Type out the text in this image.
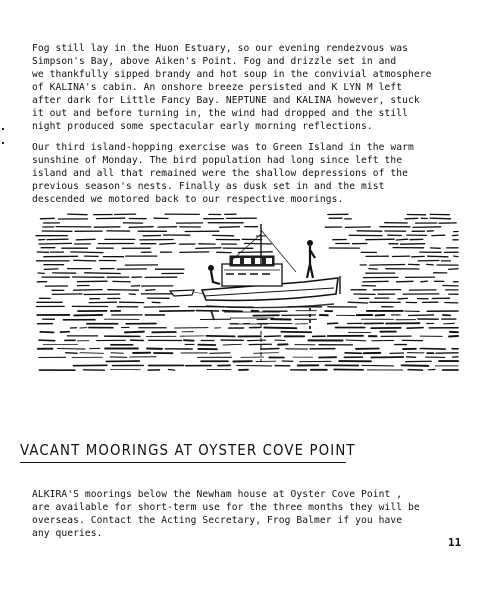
Fog still lay in the Huon Estuary, so our evening rendezvous was
Simpson's Bay, above Aiken's Point. Fog and drizzle set in and
we thankfully sipped brandy and hot soup in the convivial atmosphere
of KALINA's cabin. An onshore breeze persisted and K LYN M left
after dark for Little Fancy Bay. NEPTUNE and KALINA however, stuck
it out and before turning in, the wind had dropped and the still
night produced some spectacular early morning reflections.

Our third island-hopping exercise was to Green Island in the warm
sunshine of Monday. The bird population had long since left the
island and all that remained were the shallow depressions of the
previous season's nests. Finally as dusk set in and the mist
descended we motored back to our respective moorings.

VACANT MOORINGS AT OYSTER COVE POINT

ALKIRA'S moorings below the Newham house at Oyster Cove Point ,
are available for short-term use for the three months they will be
overseas. Contact the Acting Secretary, Frog Balmer if you have
any queries.

11
